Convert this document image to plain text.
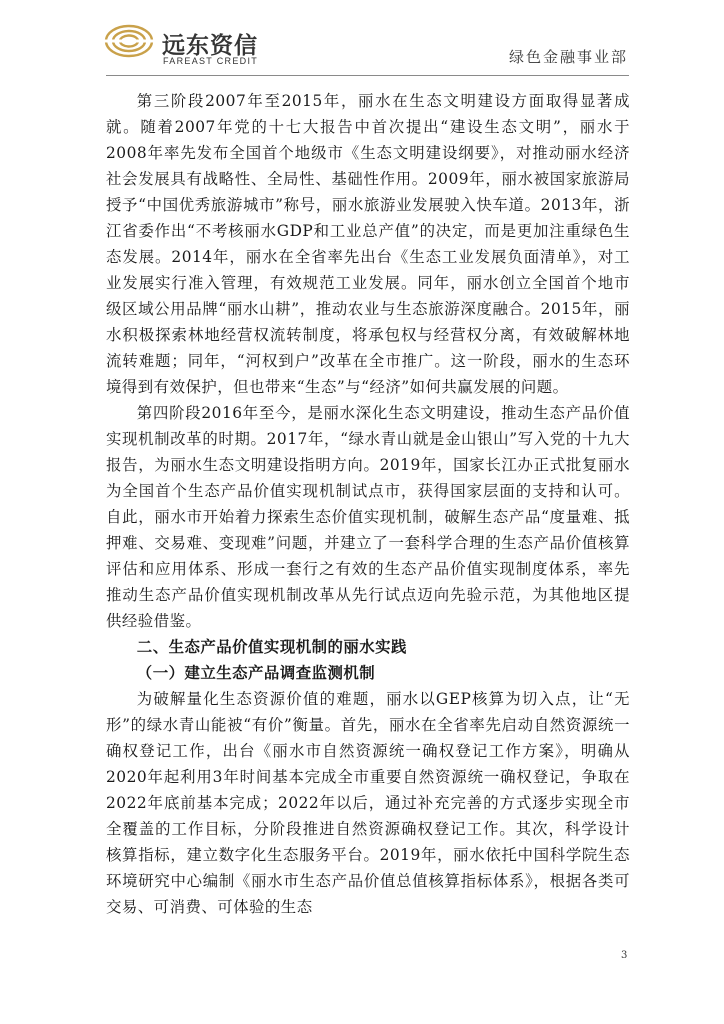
远东资信
FAREAST CREDIT	绿色金融事业部

第三阶段2007年至2015年，丽水在生态文明建设方面取得显著成就。随着2007年党的十七大报告中首次提出“建设生态文明”，丽水于2008年率先发布全国首个地级市《生态文明建设纲要》，对推动丽水经济社会发展具有战略性、全局性、基础性作用。2009年，丽水被国家旅游局授予“中国优秀旅游城市”称号，丽水旅游业发展驶入快车道。2013年，浙江省委作出“不考核丽水GDP和工业总产值”的决定，而是更加注重绿色生态发展。2014年，丽水在全省率先出台《生态工业发展负面清单》，对工业发展实行准入管理，有效规范工业发展。同年，丽水创立全国首个地市级区域公用品牌“丽水山耕”，推动农业与生态旅游深度融合。2015年，丽水积极探索林地经营权流转制度，将承包权与经营权分离，有效破解林地流转难题；同年，“河权到户”改革在全市推广。这一阶段，丽水的生态环境得到有效保护，但也带来“生态”与“经济”如何共赢发展的问题。

第四阶段2016年至今，是丽水深化生态文明建设，推动生态产品价值实现机制改革的时期。2017年，“绿水青山就是金山银山”写入党的十九大报告，为丽水生态文明建设指明方向。2019年，国家长江办正式批复丽水为全国首个生态产品价值实现机制试点市，获得国家层面的支持和认可。自此，丽水市开始着力探索生态价值实现机制，破解生态产品“度量难、抵押难、交易难、变现难”问题，并建立了一套科学合理的生态产品价值核算评估和应用体系、形成一套行之有效的生态产品价值实现制度体系，率先推动生态产品价值实现机制改革从先行试点迈向先验示范，为其他地区提供经验借鉴。

二、生态产品价值实现机制的丽水实践

（一）建立生态产品调查监测机制

为破解量化生态资源价值的难题，丽水以GEP核算为切入点，让“无形”的绿水青山能被“有价”衡量。首先，丽水在全省率先启动自然资源统一确权登记工作，出台《丽水市自然资源统一确权登记工作方案》，明确从2020年起利用3年时间基本完成全市重要自然资源统一确权登记，争取在2022年底前基本完成；2022年以后，通过补充完善的方式逐步实现全市全覆盖的工作目标，分阶段推进自然资源确权登记工作。其次，科学设计核算指标，建立数字化生态服务平台。2019年，丽水依托中国科学院生态环境研究中心编制《丽水市生态产品价值总值核算指标体系》，根据各类可交易、可消费、可体验的生态

3
